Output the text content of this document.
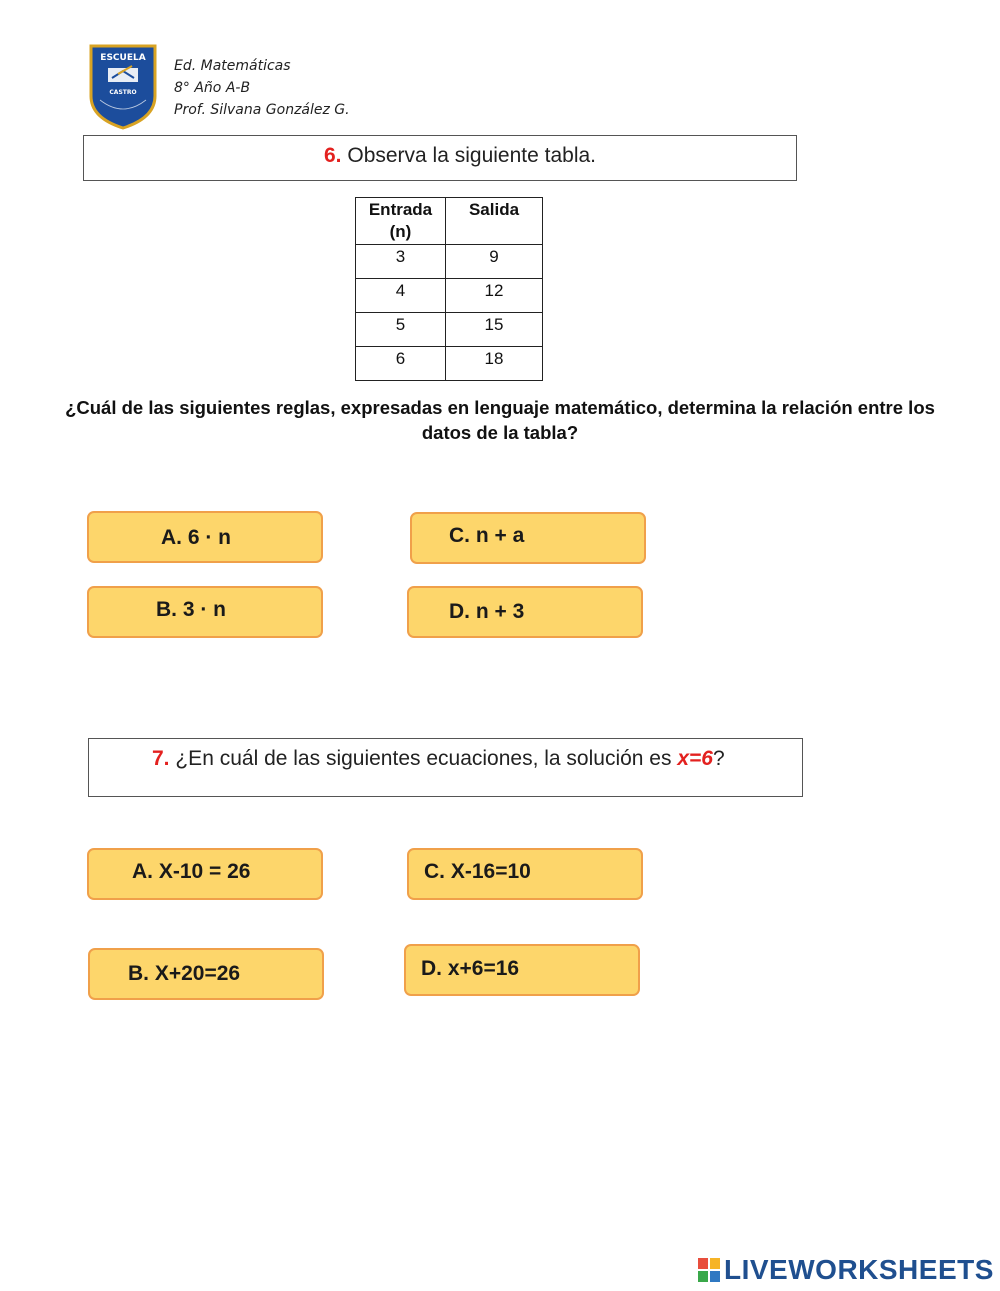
ESCUELA
CASTRO
Ed. Matemáticas
8° Año A-B
Prof. Silvana González G.
6. Observa la siguiente tabla.
Entrada (n)	Salida
3	9
4	12
5	15
6	18
¿Cuál de las siguientes reglas, expresadas en lenguaje matemático, determina la relación entre los datos de la tabla?
A. 6 · n	C. n + a
B. 3 · n	D. n + 3
7. ¿En cuál de las siguientes ecuaciones, la solución es x=6?
A. X-10 = 26	C. X-16=10
B. X+20=26	D. x+6=16
LIVEWORKSHEETS
